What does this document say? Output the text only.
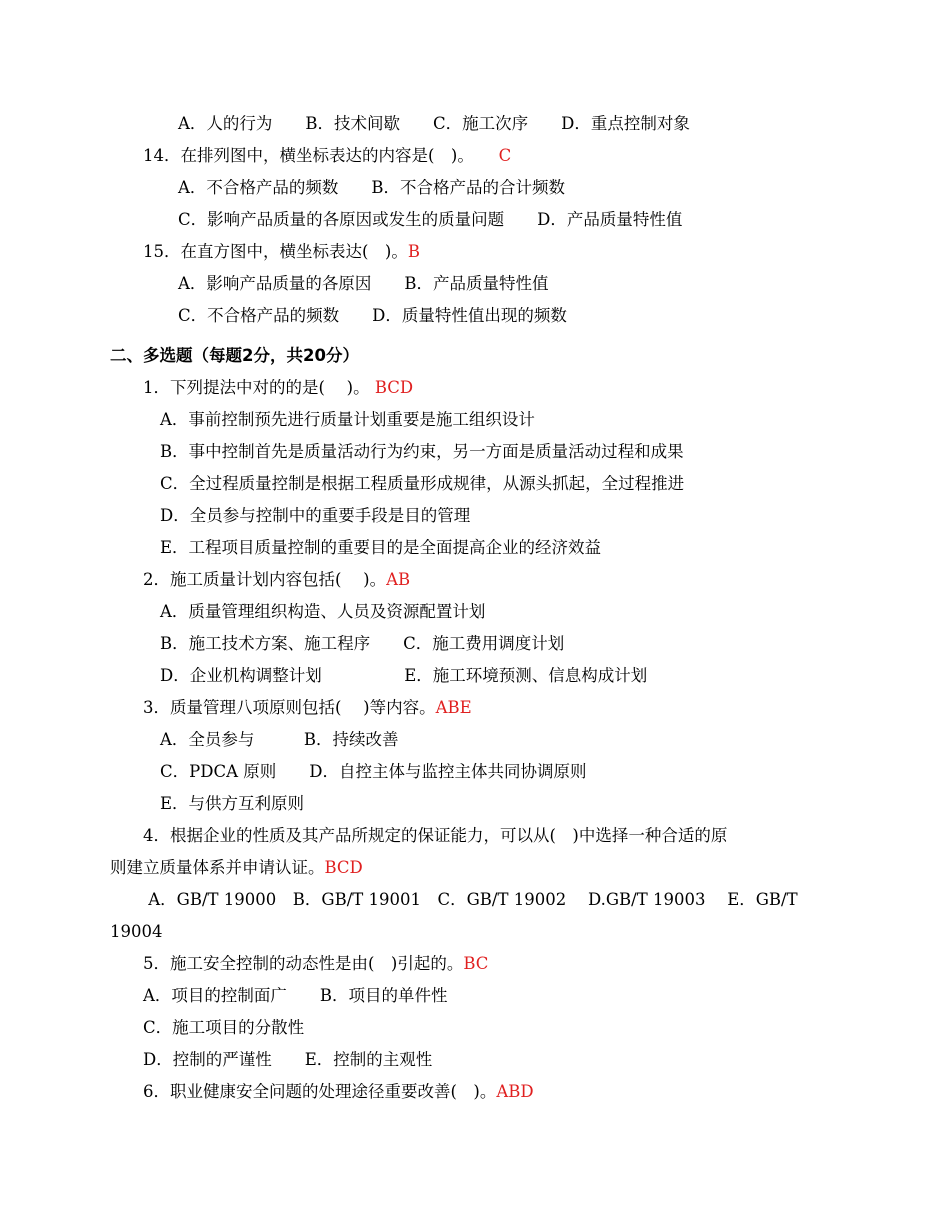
A．人的行为　　B．技术间歇　　C．施工次序　　D．重点控制对象
14．在排列图中，横坐标表达的内容是(　)。　　C
A．不合格产品的频数　　B．不合格产品的合计频数
C．影响产品质量的各原因或发生的质量问题　　D．产品质量特性值
15．在直方图中，横坐标表达(　)。B
A．影响产品质量的各原因　　B．产品质量特性值
C．不合格产品的频数　　D．质量特性值出现的频数
二、多选题（每题2分，共20分）
1．下列提法中对的的是(　 )。 BCD
A．事前控制预先进行质量计划重要是施工组织设计
B．事中控制首先是质量活动行为约束，另一方面是质量活动过程和成果
C．全过程质量控制是根据工程质量形成规律，从源头抓起，全过程推进
D．全员参与控制中的重要手段是目的管理
E．工程项目质量控制的重要目的是全面提高企业的经济效益
2．施工质量计划内容包括(　 )。AB
A．质量管理组织构造、人员及资源配置计划
B．施工技术方案、施工程序　　C．施工费用调度计划
D．企业机构调整计划　　　　　E．施工环境预测、信息构成计划
3．质量管理八项原则包括(　 )等内容。ABE
A．全员参与　　　B．持续改善
C．PDCA 原则　　D．自控主体与监控主体共同协调原则
E．与供方互利原则
4．根据企业的性质及其产品所规定的保证能力，可以从(　)中选择一种合适的原
则建立质量体系并申请认证。BCD
A．GB/T 19000　B．GB/T 19001　C．GB/T 19002　 D.GB/T 19003　 E．GB/T
19004
5．施工安全控制的动态性是由(　)引起的。BC
A．项目的控制面广　　B．项目的单件性
C．施工项目的分散性
D．控制的严谨性　　E．控制的主观性
6．职业健康安全问题的处理途径重要改善(　)。ABD
